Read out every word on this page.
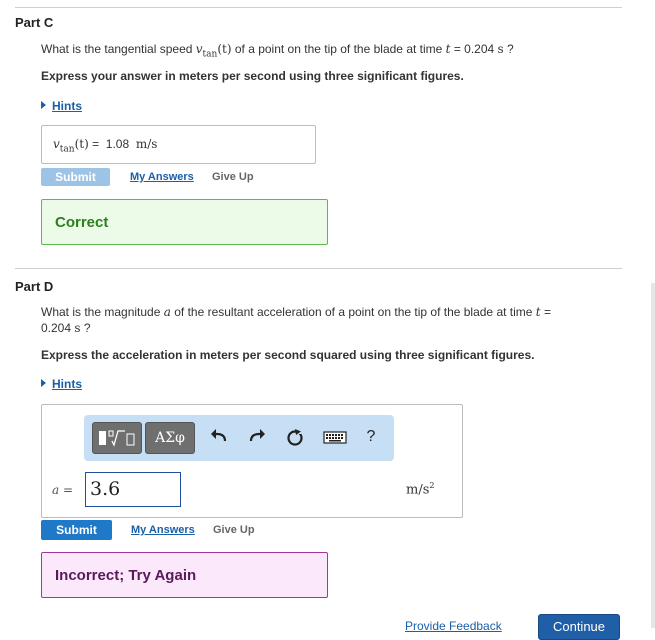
Part C
What is the tangential speed $v_{tan}(t)$ of a point on the tip of the blade at time t = 0.204 s ?
Express your answer in meters per second using three significant figures.
Hints
$v_{tan}(t) = 1.08$ m/s
Submit	My Answers Give Up
Correct
Part D
What is the magnitude a of the resultant acceleration of a point on the tip of the blade at time t =
0.204 s ?
Express the acceleration in meters per second squared using three significant figures.
Hints
ΑΣφ	?
a = 3.6	$m/s^2$
Submit	My Answers Give Up
Incorrect; Try Again
Provide Feedback	Continue
